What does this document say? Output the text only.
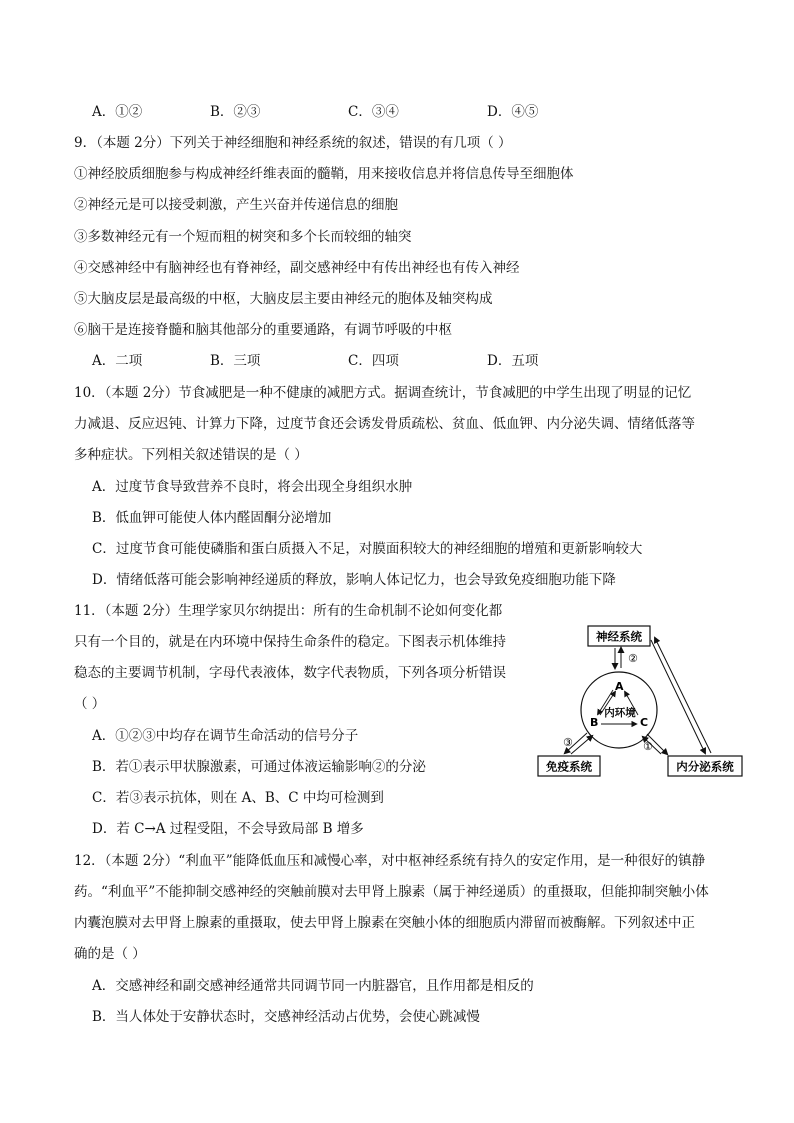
A．①②	B．②③	C．③④	D．④⑤
9．（本题 2分）下列关于神经细胞和神经系统的叙述，错误的有几项（ ）
①神经胶质细胞参与构成神经纤维表面的髓鞘，用来接收信息并将信息传导至细胞体
②神经元是可以接受刺激，产生兴奋并传递信息的细胞
③多数神经元有一个短而粗的树突和多个长而较细的轴突
④交感神经中有脑神经也有脊神经，副交感神经中有传出神经也有传入神经
⑤大脑皮层是最高级的中枢，大脑皮层主要由神经元的胞体及轴突构成
⑥脑干是连接脊髓和脑其他部分的重要通路，有调节呼吸的中枢
A．二项	B．三项	C．四项	D．五项
10．（本题 2分）节食减肥是一种不健康的减肥方式。据调查统计，节食减肥的中学生出现了明显的记忆
力减退、反应迟钝、计算力下降，过度节食还会诱发骨质疏松、贫血、低血钾、内分泌失调、情绪低落等
多种症状。下列相关叙述错误的是（ ）
A．过度节食导致营养不良时，将会出现全身组织水肿
B．低血钾可能使人体内醛固酮分泌增加
C．过度节食可能使磷脂和蛋白质摄入不足，对膜面积较大的神经细胞的增殖和更新影响较大
D．情绪低落可能会影响神经递质的释放，影响人体记忆力，也会导致免疫细胞功能下降
11．（本题 2分）生理学家贝尔纳提出：所有的生命机制不论如何变化都
只有一个目的，就是在内环境中保持生命条件的稳定。下图表示机体维持
稳态的主要调节机制，字母代表液体，数字代表物质，下列各项分析错误
（ ）
A．①②③中均存在调节生命活动的信号分子
B．若①表示甲状腺激素，可通过体液运输影响②的分泌
C．若③表示抗体，则在 A、B、C 中均可检测到
D．若 C→A 过程受阻，不会导致局部 B 增多
神经系统
②
A
B	C
内环境
免疫系统	内分泌系统
③	①
12．（本题 2分）“利血平”能降低血压和减慢心率，对中枢神经系统有持久的安定作用，是一种很好的镇静
药。“利血平”不能抑制交感神经的突触前膜对去甲肾上腺素（属于神经递质）的重摄取，但能抑制突触小体
内囊泡膜对去甲肾上腺素的重摄取，使去甲肾上腺素在突触小体的细胞质内滞留而被酶解。下列叙述中正
确的是（ ）
A．交感神经和副交感神经通常共同调节同一内脏器官，且作用都是相反的
B．当人体处于安静状态时，交感神经活动占优势，会使心跳减慢
